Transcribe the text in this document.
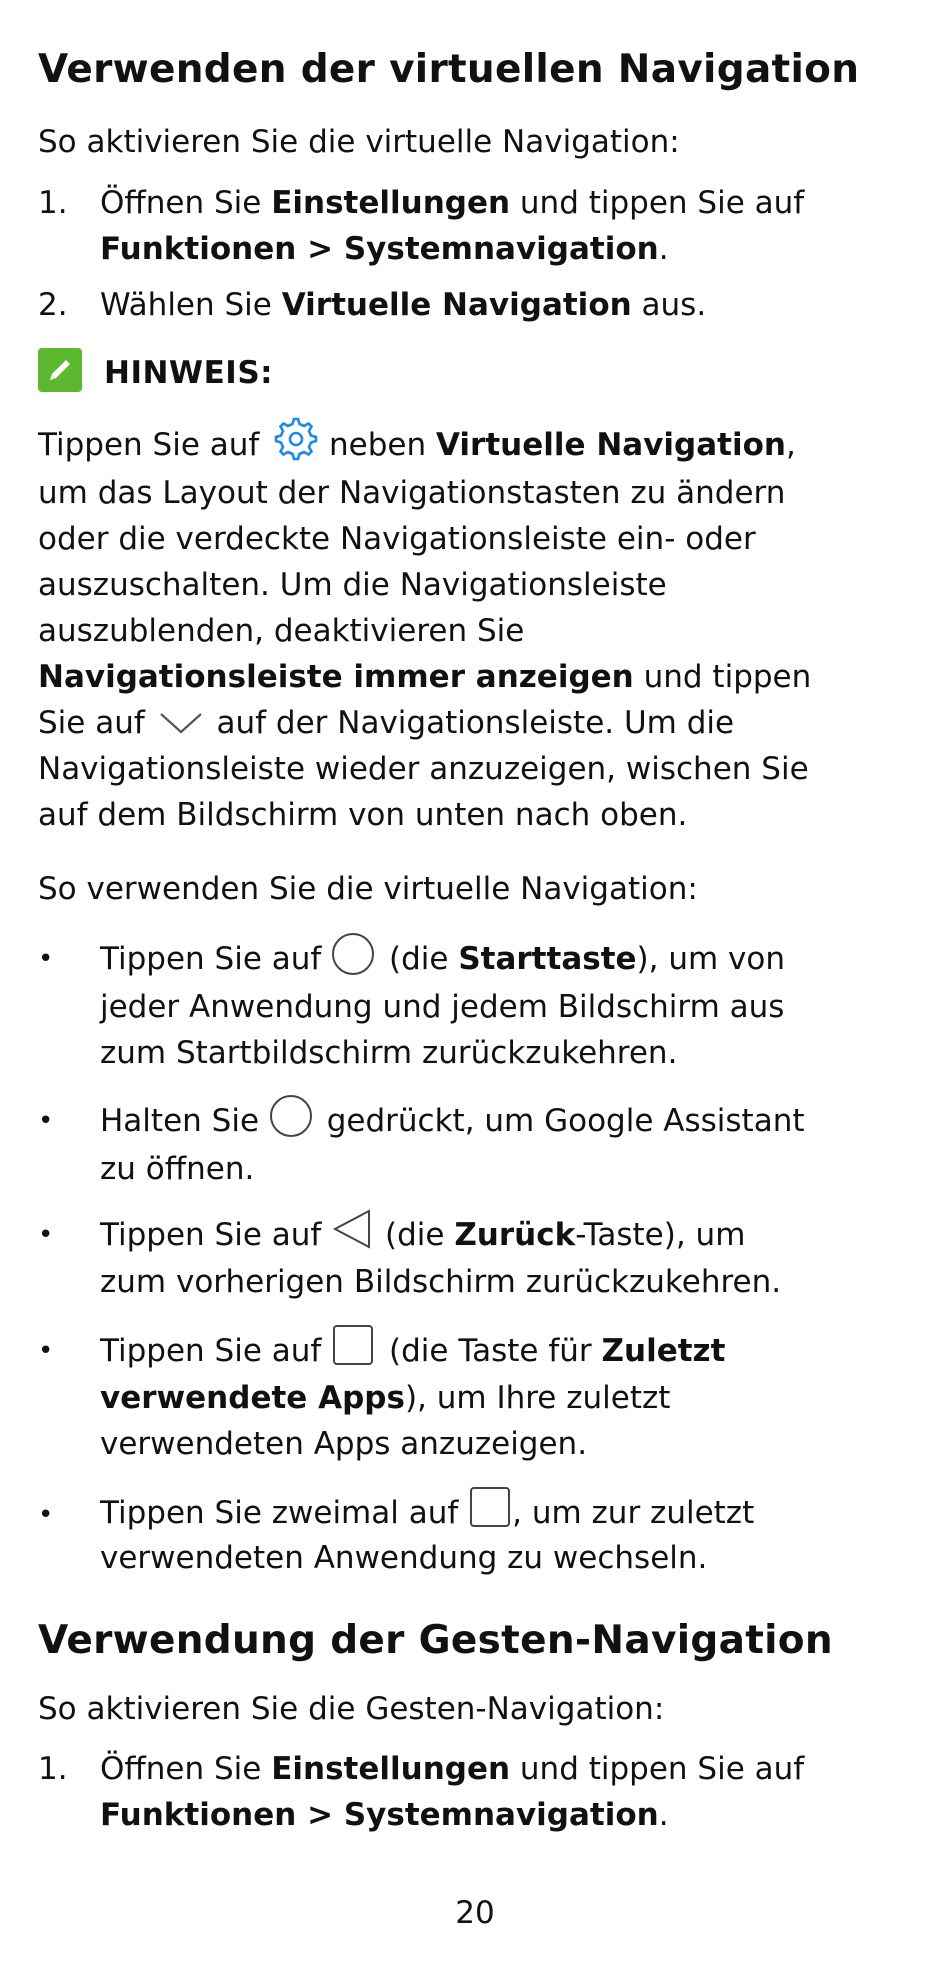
Verwenden der virtuellen Navigation

So aktivieren Sie die virtuelle Navigation:

1.	Öffnen Sie Einstellungen und tippen Sie auf
Funktionen > Systemnavigation.
2.	Wählen Sie Virtuelle Navigation aus.
HINWEIS:
Tippen Sie auf  neben Virtuelle Navigation,
um das Layout der Navigationstasten zu ändern
oder die verdeckte Navigationsleiste ein- oder
auszuschalten. Um die Navigationsleiste
auszublenden, deaktivieren Sie
Navigationsleiste immer anzeigen und tippen
Sie auf  auf der Navigationsleiste. Um die
Navigationsleiste wieder anzuzeigen, wischen Sie
auf dem Bildschirm von unten nach oben.

So verwenden Sie die virtuelle Navigation:

•	Tippen Sie auf  (die Starttaste), um von
jeder Anwendung und jedem Bildschirm aus
zum Startbildschirm zurückzukehren.
•	Halten Sie  gedrückt, um Google Assistant
zu öffnen.
•	Tippen Sie auf  (die Zurück-Taste), um
zum vorherigen Bildschirm zurückzukehren.
•	Tippen Sie auf  (die Taste für Zuletzt
verwendete Apps), um Ihre zuletzt
verwendeten Apps anzuzeigen.
•	Tippen Sie zweimal auf , um zur zuletzt
verwendeten Anwendung zu wechseln.
Verwendung der Gesten-Navigation

So aktivieren Sie die Gesten-Navigation:

1.	Öffnen Sie Einstellungen und tippen Sie auf
Funktionen > Systemnavigation.
20
